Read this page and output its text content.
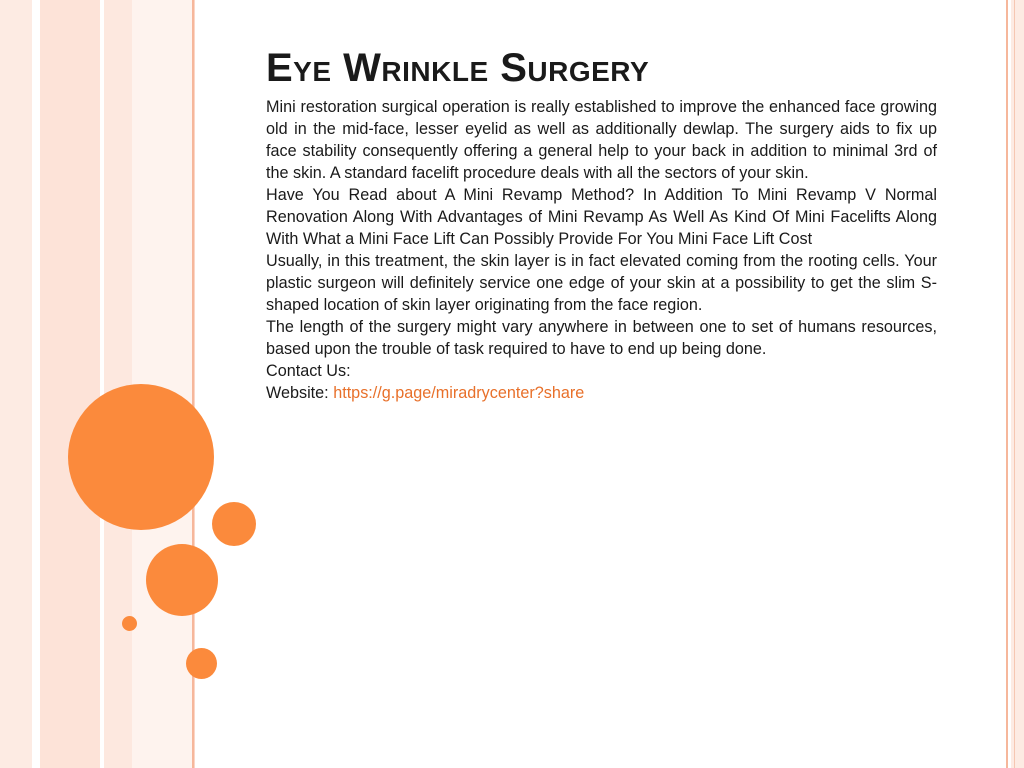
Eye Wrinkle Surgery

Mini restoration surgical operation is really established to improve the enhanced face growing old in the mid-face, lesser eyelid as well as additionally dewlap. The surgery aids to fix up face stability consequently offering a general help to your back in addition to minimal 3rd of the skin. A standard facelift procedure deals with all the sectors of your skin.

Have You Read about A Mini Revamp Method? In Addition To Mini Revamp V Normal Renovation Along With Advantages of Mini Revamp As Well As Kind Of Mini Facelifts Along With What a Mini Face Lift Can Possibly Provide For You Mini Face Lift Cost

Usually, in this treatment, the skin layer is in fact elevated coming from the rooting cells. Your plastic surgeon will definitely service one edge of your skin at a possibility to get the slim S-shaped location of skin layer originating from the face region.

The length of the surgery might vary anywhere in between one to set of humans resources, based upon the trouble of task required to have to end up being done.

Contact Us:

Website: https://g.page/miradrycenter?share
